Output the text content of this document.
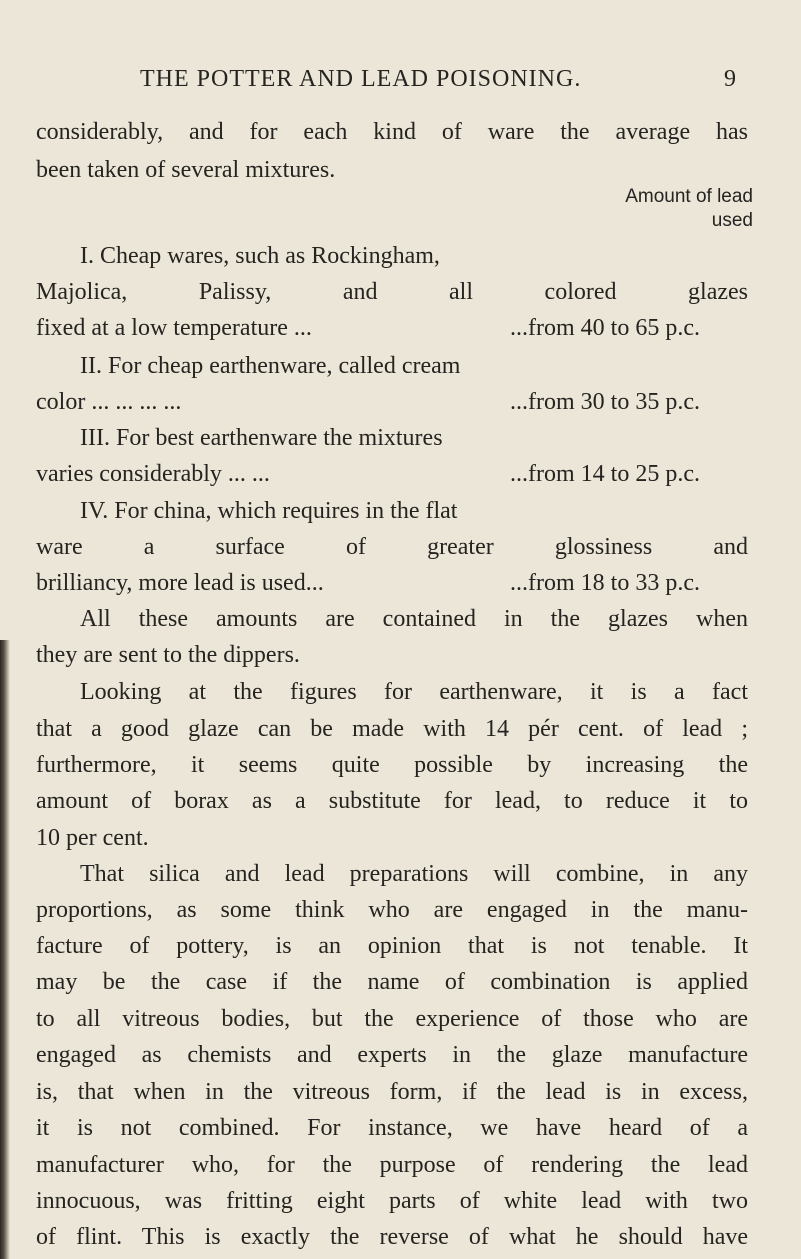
THE POTTER AND LEAD POISONING.	9
considerably, and for each kind of ware the average has
been taken of several mixtures.
Amount of lead
used
I. Cheap wares, such as Rockingham,
Majolica, Palissy, and all colored glazes
fixed at a low temperature ...	...from 40 to 65 p.c.
II. For cheap earthenware, called cream
color ... ... ... ...	...from 30 to 35 p.c.
III. For best earthenware the mixtures
varies considerably ... ...	...from 14 to 25 p.c.
IV. For china, which requires in the flat
ware a surface of greater glossiness and
brilliancy, more lead is used...	...from 18 to 33 p.c.
All these amounts are contained in the glazes when
they are sent to the dippers.
Looking at the figures for earthenware, it is a fact
that a good glaze can be made with 14 pér cent. of lead ;
furthermore, it seems quite possible by increasing the
amount of borax as a substitute for lead, to reduce it to
10 per cent.
That silica and lead preparations will combine, in any
proportions, as some think who are engaged in the manu-
facture of pottery, is an opinion that is not tenable. It
may be the case if the name of combination is applied
to all vitreous bodies, but the experience of those who are
engaged as chemists and experts in the glaze manufacture
is, that when in the vitreous form, if the lead is in excess,
it is not combined. For instance, we have heard of a
manufacturer who, for the purpose of rendering the lead
innocuous, was fritting eight parts of white lead with two
of flint. This is exactly the reverse of what he should have
